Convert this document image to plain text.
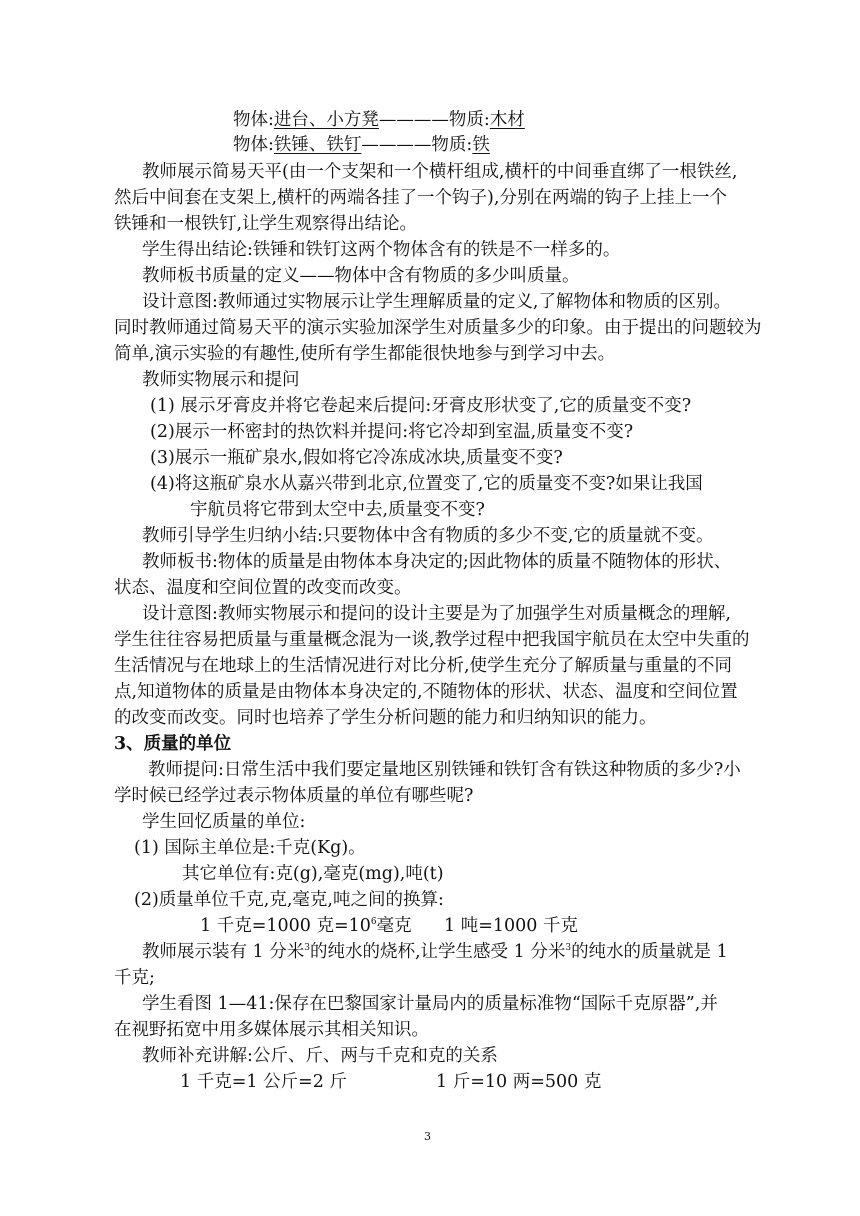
物体:进台、小方凳————物质:木材
物体:铁锤、铁钉————物质:铁
教师展示简易天平(由一个支架和一个横杆组成,横杆的中间垂直绑了一根铁丝,
然后中间套在支架上,横杆的两端各挂了一个钩子),分别在两端的钩子上挂上一个
铁锤和一根铁钉,让学生观察得出结论。
学生得出结论:铁锤和铁钉这两个物体含有的铁是不一样多的。
教师板书质量的定义——物体中含有物质的多少叫质量。
设计意图:教师通过实物展示让学生理解质量的定义,了解物体和物质的区别。
同时教师通过简易天平的演示实验加深学生对质量多少的印象。由于提出的问题较为
简单,演示实验的有趣性,使所有学生都能很快地参与到学习中去。
教师实物展示和提问
(1) 展示牙膏皮并将它卷起来后提问:牙膏皮形状变了,它的质量变不变?
(2)展示一杯密封的热饮料并提问:将它冷却到室温,质量变不变?
(3)展示一瓶矿泉水,假如将它冷冻成冰块,质量变不变?
(4)将这瓶矿泉水从嘉兴带到北京,位置变了,它的质量变不变?如果让我国
宇航员将它带到太空中去,质量变不变?
教师引导学生归纳小结:只要物体中含有物质的多少不变,它的质量就不变。
教师板书:物体的质量是由物体本身决定的;因此物体的质量不随物体的形状、
状态、温度和空间位置的改变而改变。
设计意图:教师实物展示和提问的设计主要是为了加强学生对质量概念的理解,
学生往往容易把质量与重量概念混为一谈,教学过程中把我国宇航员在太空中失重的
生活情况与在地球上的生活情况进行对比分析,使学生充分了解质量与重量的不同
点,知道物体的质量是由物体本身决定的,不随物体的形状、状态、温度和空间位置
的改变而改变。同时也培养了学生分析问题的能力和归纳知识的能力。
3、质量的单位
教师提问:日常生活中我们要定量地区别铁锤和铁钉含有铁这种物质的多少?小
学时候已经学过表示物体质量的单位有哪些呢?
学生回忆质量的单位:
(1) 国际主单位是:千克(Kg)。
其它单位有:克(g),毫克(mg),吨(t)
(2)质量单位千克,克,毫克,吨之间的换算:
1 千克=1000 克$=10^6$毫克 1 吨=1000 千克
教师展示装有 1 分米$^3$的纯水的烧杯,让学生感受 1 分米$^3$的纯水的质量就是 1
千克;
学生看图 1—41:保存在巴黎国家计量局内的质量标准物“国际千克原器”,并
在视野拓宽中用多媒体展示其相关知识。
教师补充讲解:公斤、斤、两与千克和克的关系
1 千克=1 公斤=2 斤	1 斤=10 两=500 克
3
